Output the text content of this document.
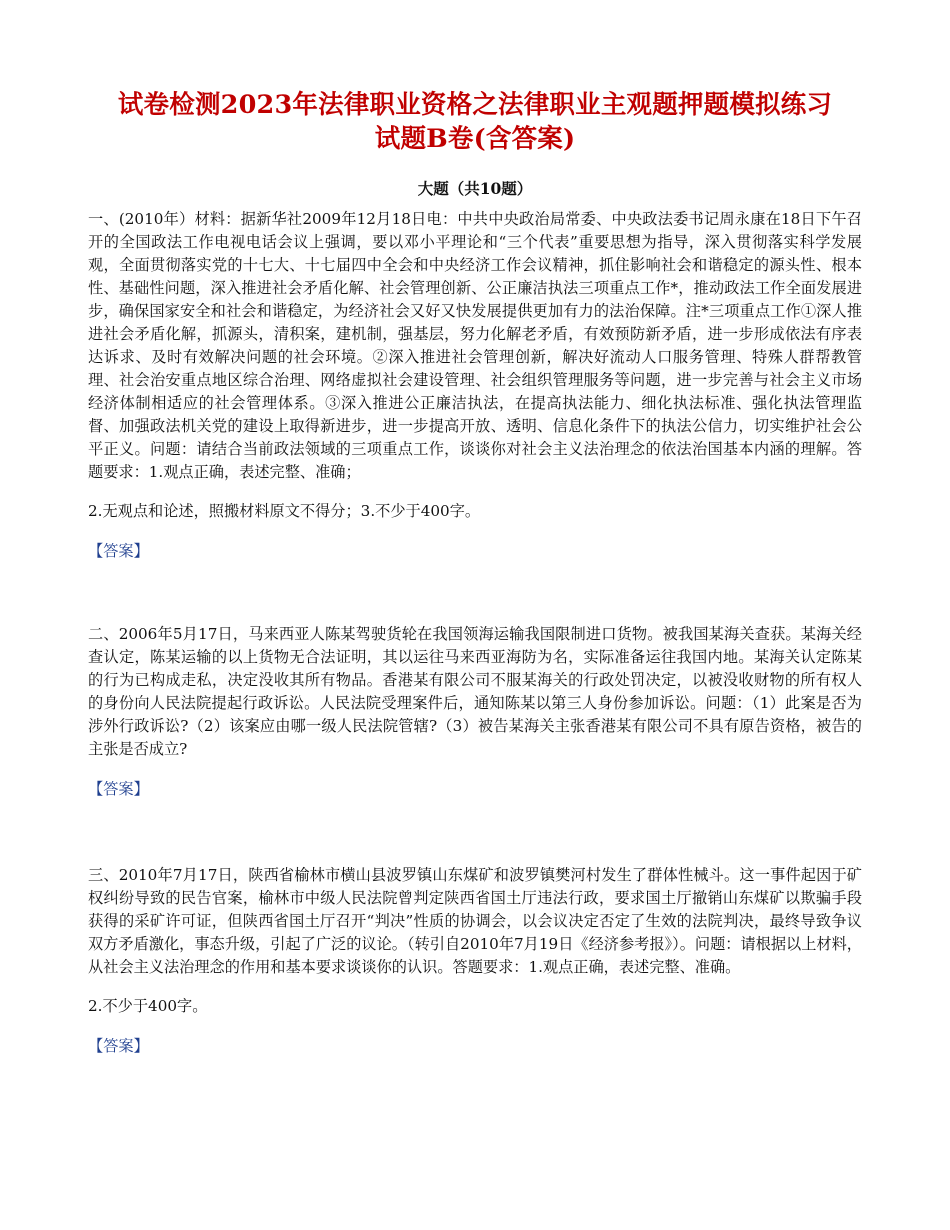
试卷检测2023年法律职业资格之法律职业主观题押题模拟练习
试题B卷(含答案)
大题（共10题）

一、(2010年）材料：据新华社2009年12月18日电：中共中央政治局常委、中央政法委书记周永康在18日下午召开的全国政法工作电视电话会议上强调，要以邓小平理论和“三个代表”重要思想为指导，深入贯彻落实科学发展观，全面贯彻落实党的十七大、十七届四中全会和中央经济工作会议精神，抓住影响社会和谐稳定的源头性、根本性、基础性问题，深入推进社会矛盾化解、社会管理创新、公正廉洁执法三项重点工作*，推动政法工作全面发展进步，确保国家安全和社会和谐稳定，为经济社会又好又快发展提供更加有力的法治保障。注*三项重点工作①深人推进社会矛盾化解，抓源头，清积案，建机制，强基层，努力化解老矛盾，有效预防新矛盾，进一步形成依法有序表达诉求、及时有效解决问题的社会环境。②深入推进社会管理创新，解决好流动人口服务管理、特殊人群帮教管理、社会治安重点地区综合治理、网络虚拟社会建设管理、社会组织管理服务等问题，进一步完善与社会主义市场经济体制相适应的社会管理体系。③深入推进公正廉洁执法，在提高执法能力、细化执法标准、强化执法管理监督、加强政法机关党的建设上取得新进步，进一步提高开放、透明、信息化条件下的执法公信力，切实维护社会公平正义。问题：请结合当前政法领域的三项重点工作，谈谈你对社会主义法治理念的依法治国基本内涵的理解。答题要求：1.观点正确，表述完整、准确；

2.无观点和论述，照搬材料原文不得分；3.不少于400字。

【答案】

二、2006年5月17日，马来西亚人陈某驾驶货轮在我国领海运输我国限制进口货物。被我国某海关查获。某海关经查认定，陈某运输的以上货物无合法证明，其以运往马来西亚海防为名，实际准备运往我国内地。某海关认定陈某的行为已构成走私，决定没收其所有物品。香港某有限公司不服某海关的行政处罚决定，以被没收财物的所有权人的身份向人民法院提起行政诉讼。人民法院受理案件后，通知陈某以第三人身份参加诉讼。问题：（1）此案是否为涉外行政诉讼?（2）该案应由哪一级人民法院管辖?（3）被告某海关主张香港某有限公司不具有原告资格，被告的主张是否成立?

【答案】

三、2010年7月17日，陕西省榆林市横山县波罗镇山东煤矿和波罗镇樊河村发生了群体性械斗。这一事件起因于矿权纠纷导致的民告官案，榆林市中级人民法院曾判定陕西省国土厅违法行政，要求国土厅撤销山东煤矿以欺骗手段获得的采矿许可证，但陕西省国土厅召开“判决”性质的协调会，以会议决定否定了生效的法院判决，最终导致争议双方矛盾激化，事态升级，引起了广泛的议论。（转引自2010年7月19日《经济参考报》）。问题：请根据以上材料，从社会主义法治理念的作用和基本要求谈谈你的认识。答题要求：1.观点正确，表述完整、准确。

2.不少于400字。

【答案】
